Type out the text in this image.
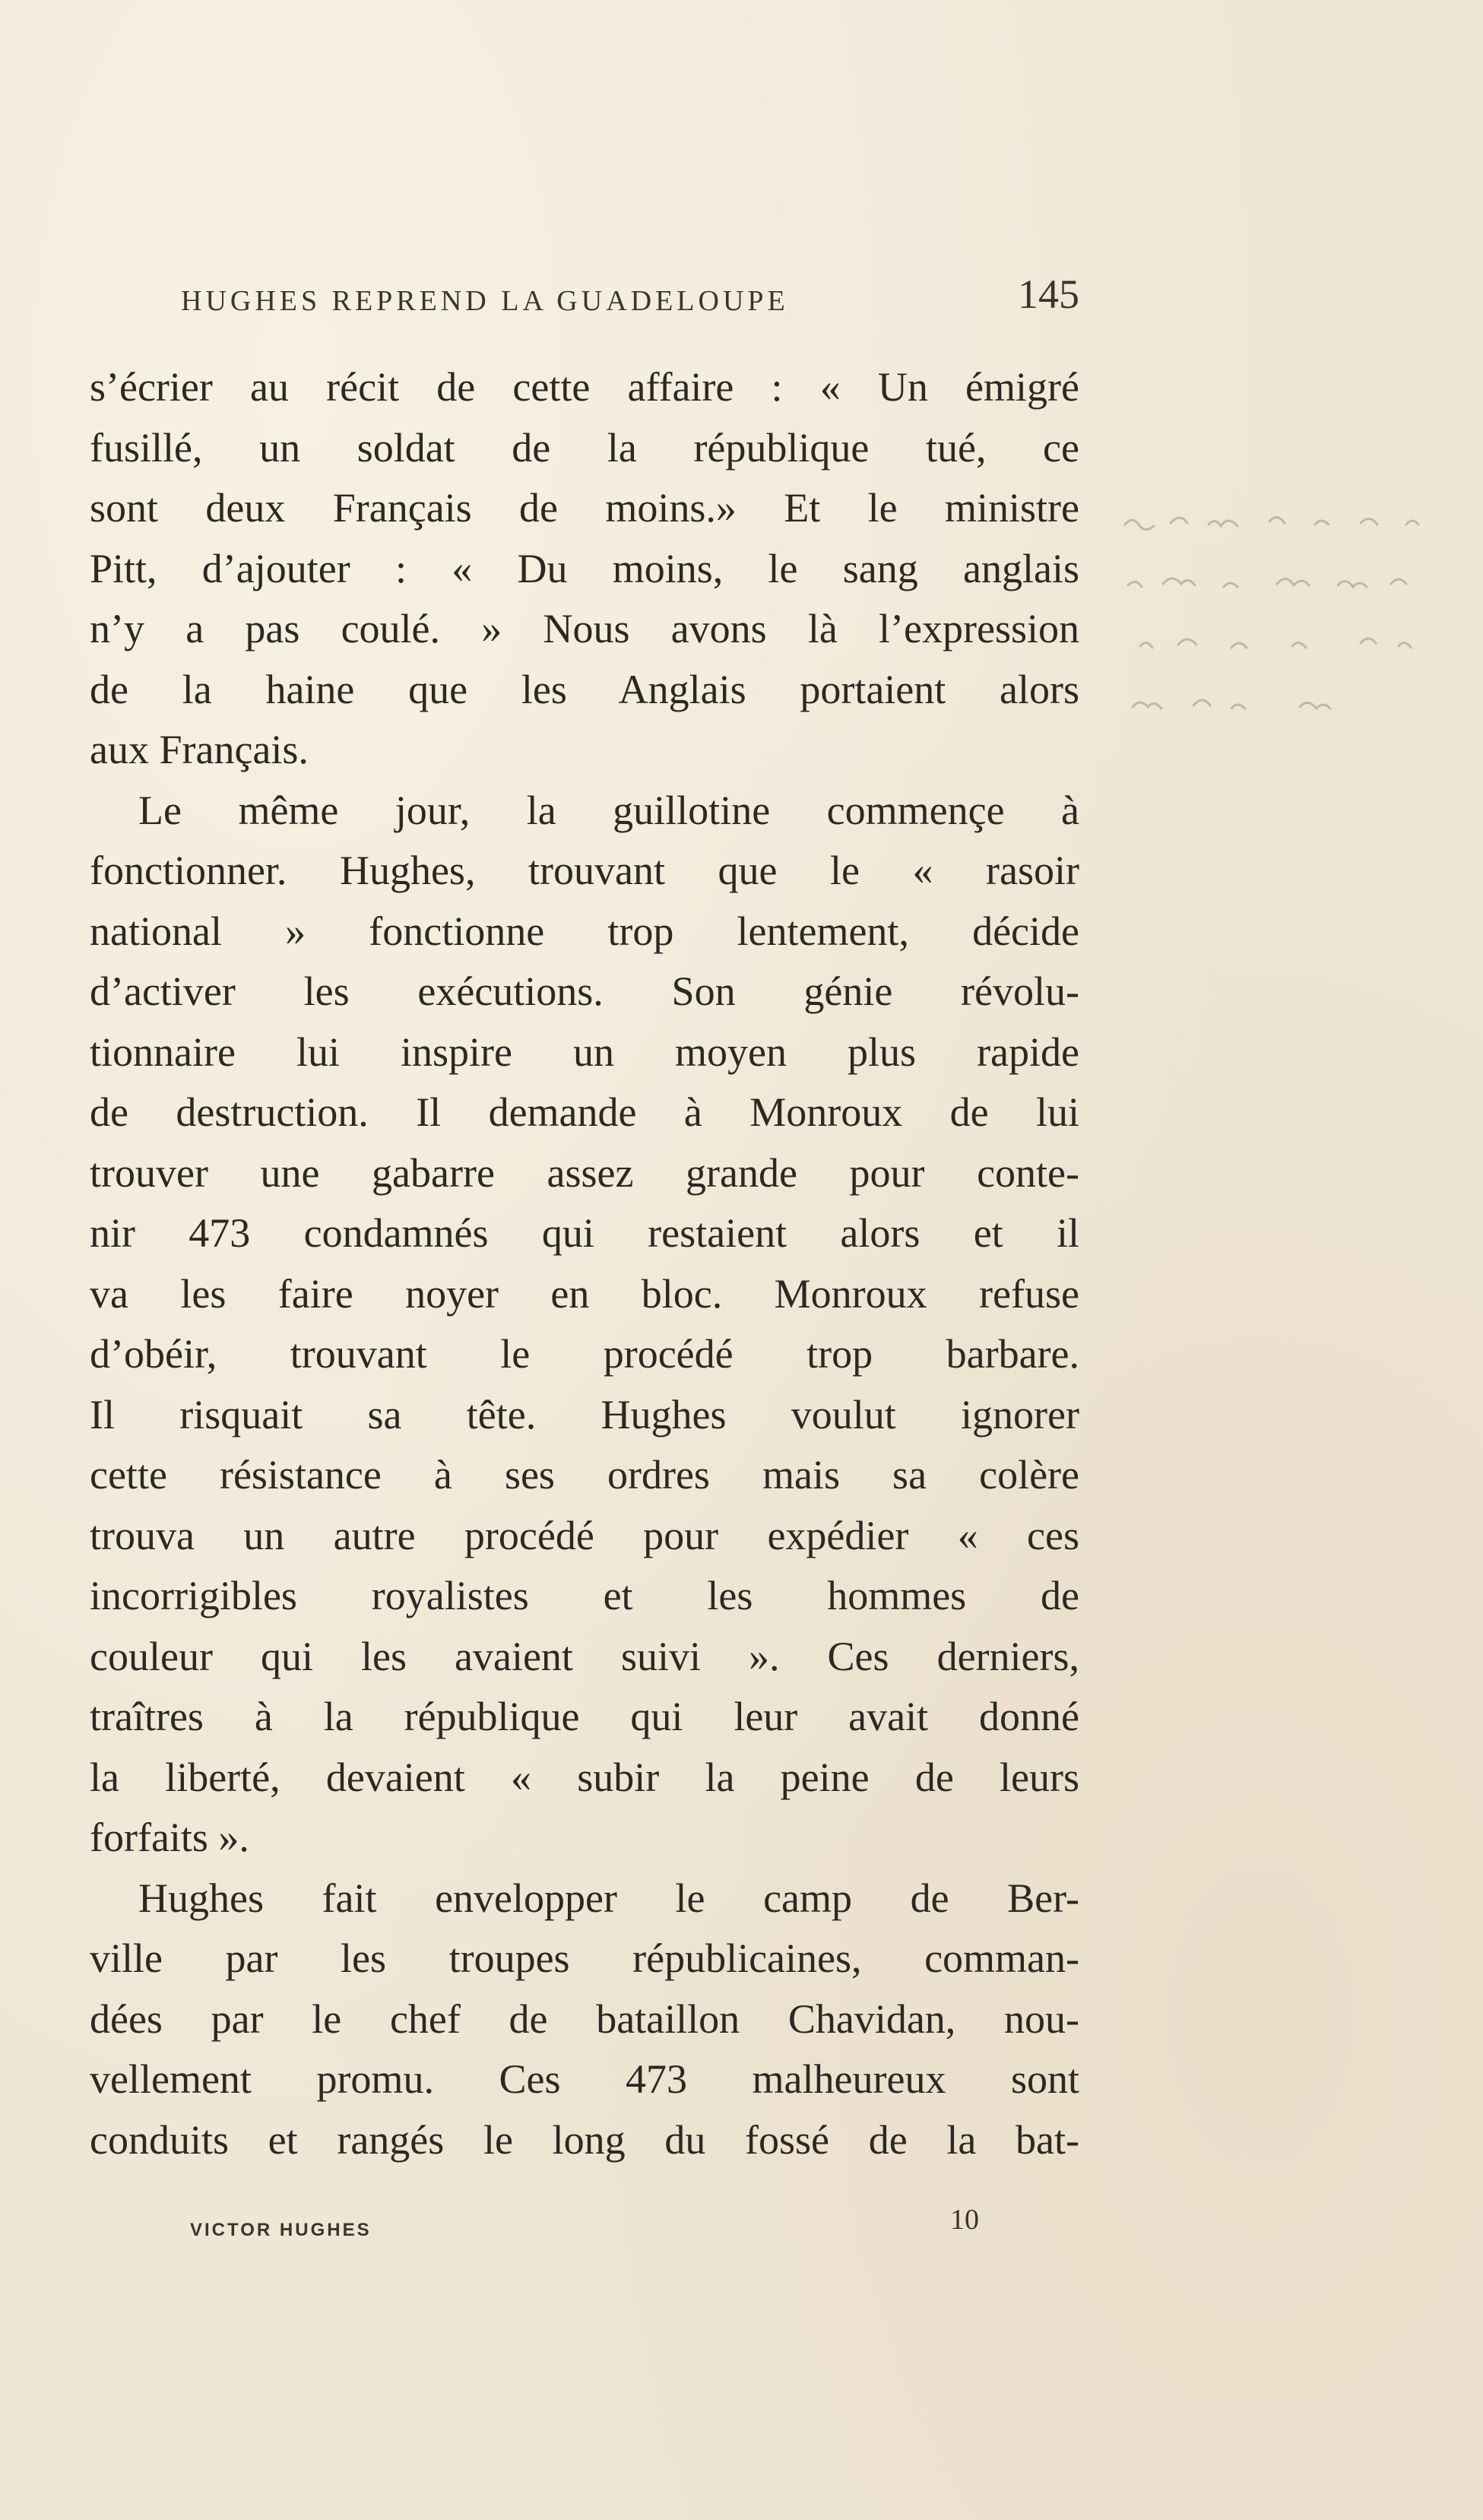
HUGHES REPREND LA GUADELOUPE	145
s’écrier au récit de cette affaire : « Un émigré
fusillé, un soldat de la république tué, ce
sont deux Français de moins.» Et le ministre
Pitt, d’ajouter : « Du moins, le sang anglais
n’y a pas coulé. » Nous avons là l’expression
de la haine que les Anglais portaient alors
aux Français.
Le même jour, la guillotine commençe à
fonctionner. Hughes, trouvant que le « rasoir
national » fonctionne trop lentement, décide
d’activer les exécutions. Son génie révolu-
tionnaire lui inspire un moyen plus rapide
de destruction. Il demande à Monroux de lui
trouver une gabarre assez grande pour conte-
nir 473 condamnés qui restaient alors et il
va les faire noyer en bloc. Monroux refuse
d’obéir, trouvant le procédé trop barbare.
Il risquait sa tête. Hughes voulut ignorer
cette résistance à ses ordres mais sa colère
trouva un autre procédé pour expédier « ces
incorrigibles royalistes et les hommes de
couleur qui les avaient suivi ». Ces derniers,
traîtres à la république qui leur avait donné
la liberté, devaient « subir la peine de leurs
forfaits ».
Hughes fait envelopper le camp de Ber-
ville par les troupes républicaines, comman-
dées par le chef de bataillon Chavidan, nou-
vellement promu. Ces 473 malheureux sont
conduits et rangés le long du fossé de la bat-
VICTOR HUGHES	10
